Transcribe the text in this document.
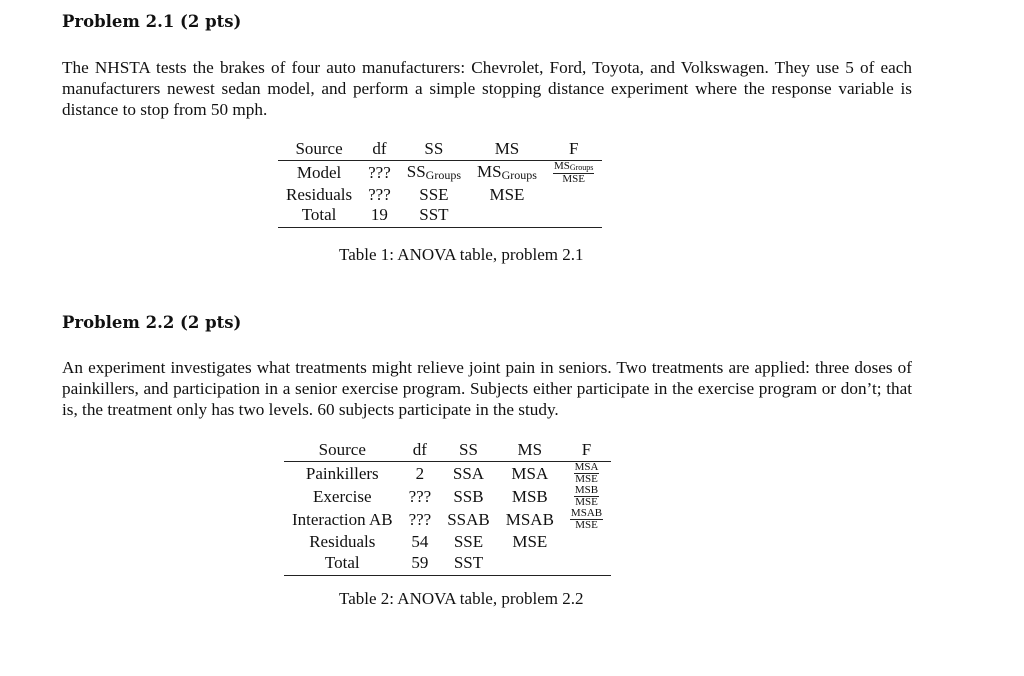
Problem 2.1 (2 pts)
The NHSTA tests the brakes of four auto manufacturers: Chevrolet, Ford, Toyota, and Volkswagen. They use 5 of each manufacturers newest sedan model, and perform a simple stopping distance experiment where the response variable is distance to stop from 50 mph.
Source	df	SS	MS	F
Model	???	$SS_{Groups}$	$MS_{Groups}$	$\frac{MS_{Groups}}{\text{MSE}}$

Residuals	???	SSE	MSE	
Total	19	SST		
Table 1: ANOVA table, problem 2.1
Problem 2.2 (2 pts)
An experiment investigates what treatments might relieve joint pain in seniors. Two treatments are applied: three doses of painkillers, and participation in a senior exercise program. Subjects either participate in the exercise program or don’t; that is, the treatment only has two levels. 60 subjects participate in the study.
Source	df	SS	MS	F
Painkillers	2	SSA	MSA	$\frac{\text{MSA}}{\text{MSE}}$

Exercise	???	SSB	MSB	$\frac{\text{MSB}}{\text{MSE}}$

Interaction AB	???	SSAB	MSAB	$\frac{\text{MSAB}}{\text{MSE}}$

Residuals	54	SSE	MSE	
Total	59	SST		
Table 2: ANOVA table, problem 2.2
